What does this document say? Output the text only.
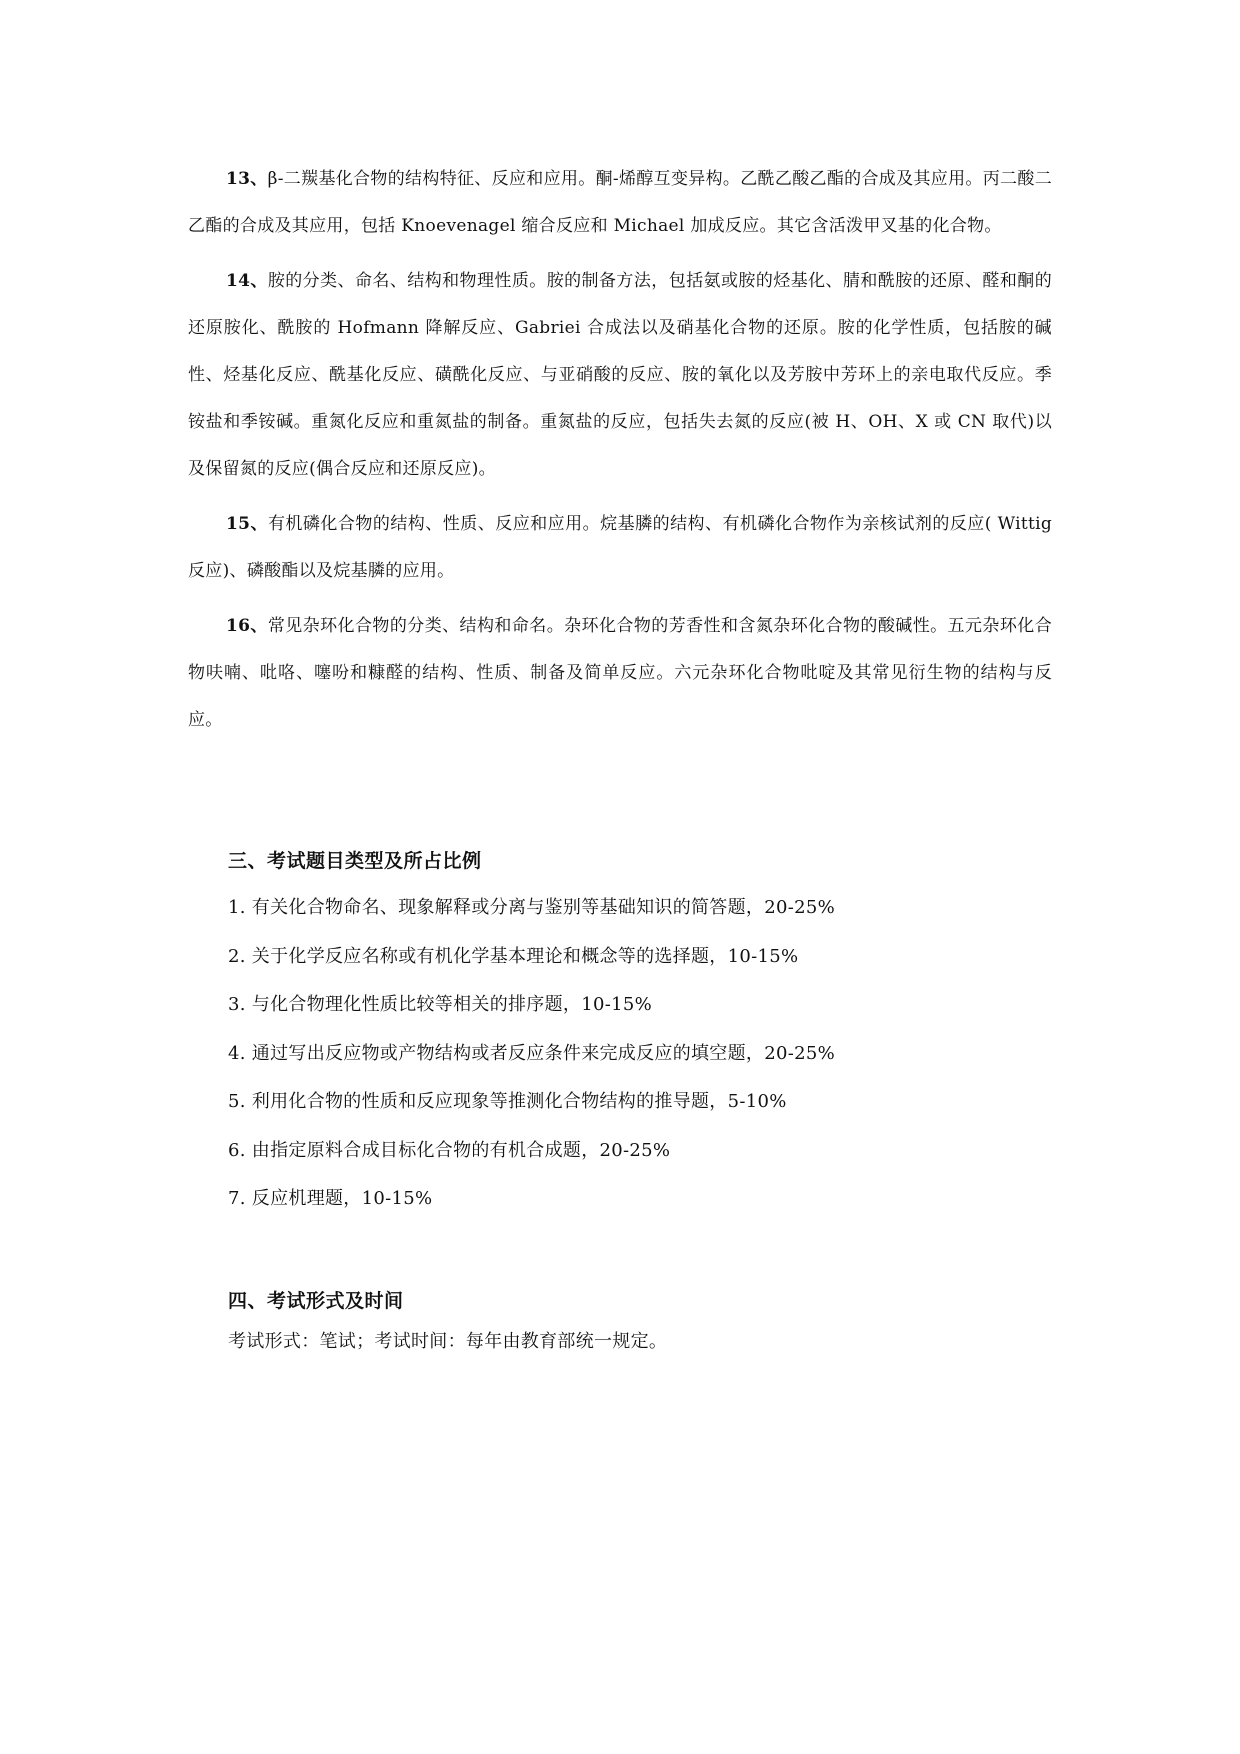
13、β-二羰基化合物的结构特征、反应和应用。酮-烯醇互变异构。乙酰乙酸乙酯的合成及其应用。丙二酸二乙酯的合成及其应用，包括 Knoevenagel 缩合反应和 Michael 加成反应。其它含活泼甲叉基的化合物。

14、胺的分类、命名、结构和物理性质。胺的制备方法，包括氨或胺的烃基化、腈和酰胺的还原、醛和酮的还原胺化、酰胺的 Hofmann 降解反应、Gabriei 合成法以及硝基化合物的还原。胺的化学性质，包括胺的碱性、烃基化反应、酰基化反应、磺酰化反应、与亚硝酸的反应、胺的氧化以及芳胺中芳环上的亲电取代反应。季铵盐和季铵碱。重氮化反应和重氮盐的制备。重氮盐的反应，包括失去氮的反应(被 H、OH、X 或 CN 取代)以及保留氮的反应(偶合反应和还原反应)。

15、有机磷化合物的结构、性质、反应和应用。烷基膦的结构、有机磷化合物作为亲核试剂的反应( Wittig 反应)、磷酸酯以及烷基膦的应用。

16、常见杂环化合物的分类、结构和命名。杂环化合物的芳香性和含氮杂环化合物的酸碱性。五元杂环化合物呋喃、吡咯、噻吩和糠醛的结构、性质、制备及简单反应。六元杂环化合物吡啶及其常见衍生物的结构与反应。

三、考试题目类型及所占比例
1. 有关化合物命名、现象解释或分离与鉴别等基础知识的简答题，20-25%
2. 关于化学反应名称或有机化学基本理论和概念等的选择题，10-15%
3. 与化合物理化性质比较等相关的排序题，10-15%
4. 通过写出反应物或产物结构或者反应条件来完成反应的填空题，20-25%
5. 利用化合物的性质和反应现象等推测化合物结构的推导题，5-10%
6. 由指定原料合成目标化合物的有机合成题，20-25%
7. 反应机理题，10-15%
四、考试形式及时间
考试形式：笔试；考试时间：每年由教育部统一规定。
